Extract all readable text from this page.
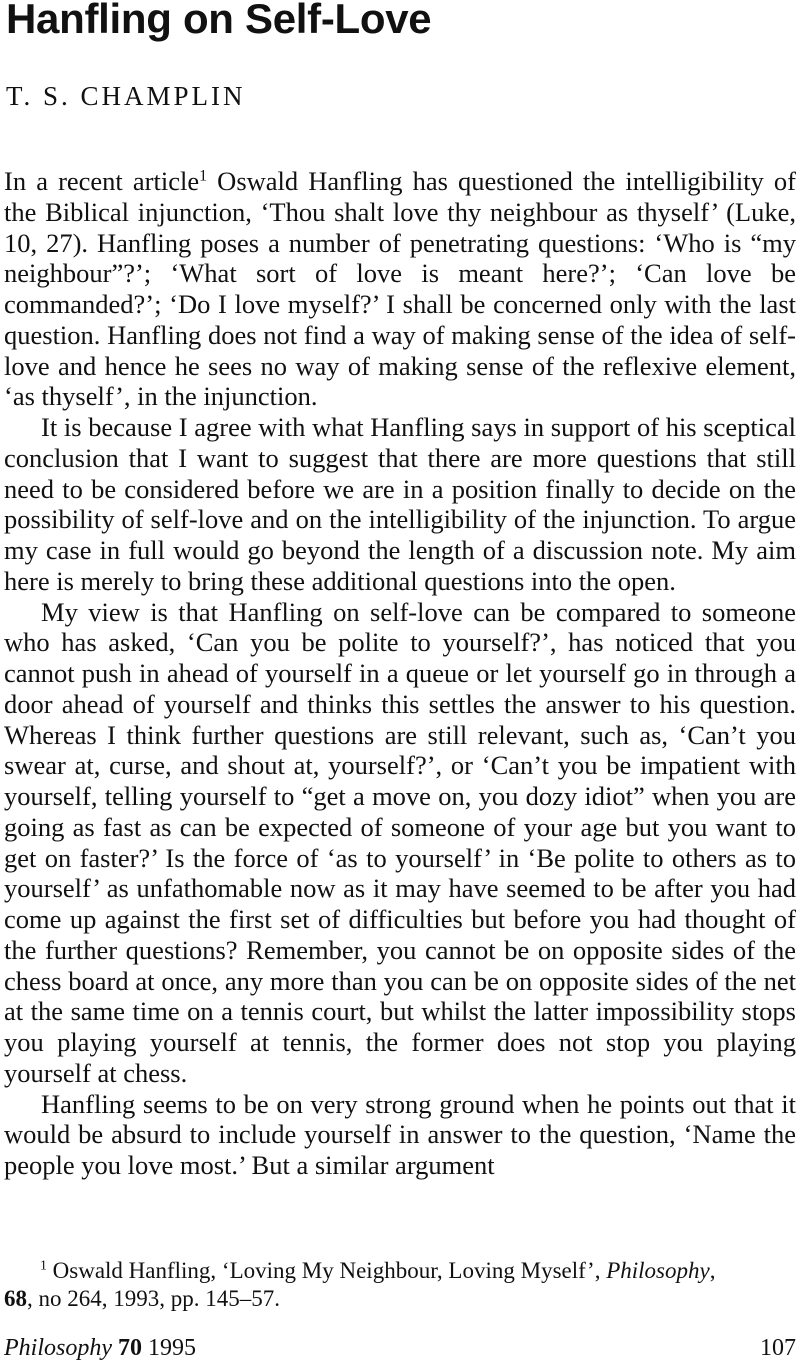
Hanfling on Self-Love
T. S. CHAMPLIN

In a recent article$^1$ Oswald Hanfling has questioned the intelligibility of the Biblical injunction, ‘Thou shalt love thy neighbour as thyself’ (Luke, 10, 27). Hanfling poses a number of penetrating questions: ‘Who is “my neighbour”?’; ‘What sort of love is meant here?’; ‘Can love be commanded?’; ‘Do I love myself?’ I shall be concerned only with the last question. Hanfling does not find a way of making sense of the idea of self-love and hence he sees no way of making sense of the reflexive element, ‘as thyself’, in the injunction.

It is because I agree with what Hanfling says in support of his sceptical conclusion that I want to suggest that there are more questions that still need to be considered before we are in a position finally to decide on the possibility of self-love and on the intelligibility of the injunction. To argue my case in full would go beyond the length of a discussion note. My aim here is merely to bring these additional questions into the open.

My view is that Hanfling on self-love can be compared to someone who has asked, ‘Can you be polite to yourself?’, has noticed that you cannot push in ahead of yourself in a queue or let yourself go in through a door ahead of yourself and thinks this settles the answer to his question. Whereas I think further questions are still relevant, such as, ‘Can’t you swear at, curse, and shout at, yourself?’, or ‘Can’t you be impatient with yourself, telling yourself to “get a move on, you dozy idiot” when you are going as fast as can be expected of someone of your age but you want to get on faster?’ Is the force of ‘as to yourself’ in ‘Be polite to others as to yourself’ as unfathomable now as it may have seemed to be after you had come up against the first set of difficulties but before you had thought of the further questions? Remember, you cannot be on opposite sides of the chess board at once, any more than you can be on opposite sides of the net at the same time on a tennis court, but whilst the latter impossibility stops you playing yourself at tennis, the former does not stop you playing yourself at chess.

Hanfling seems to be on very strong ground when he points out that it would be absurd to include yourself in answer to the question, ‘Name the people you love most.’ But a similar argument

$^1$ Oswald Hanfling, ‘Loving My Neighbour, Loving Myself’, Philosophy,
68, no 264, 1993, pp. 145–57.

Philosophy 70 1995	107
